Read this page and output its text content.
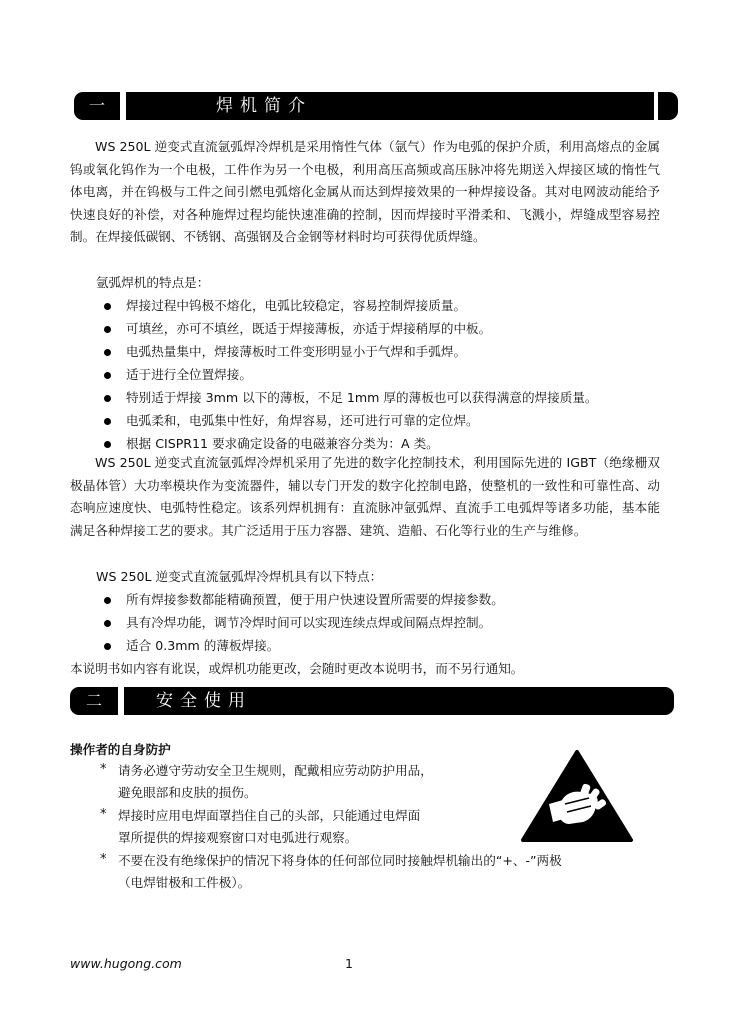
一	焊机简介

WS 250L 逆变式直流氩弧焊冷焊机是采用惰性气体（氩气）作为电弧的保护介质，利用高熔点的金属钨或氧化钨作为一个电极，工件作为另一个电极，利用高压高频或高压脉冲将先期送入焊接区域的惰性气体电离，并在钨极与工件之间引燃电弧熔化金属从而达到焊接效果的一种焊接设备。其对电网波动能给予快速良好的补偿，对各种施焊过程均能快速准确的控制，因而焊接时平滑柔和、飞溅小，焊缝成型容易控制。在焊接低碳钢、不锈钢、高强钢及合金钢等材料时均可获得优质焊缝。

氩弧焊机的特点是：
焊接过程中钨极不熔化，电弧比较稳定，容易控制焊接质量。
可填丝，亦可不填丝，既适于焊接薄板，亦适于焊接稍厚的中板。
电弧热量集中，焊接薄板时工件变形明显小于气焊和手弧焊。
适于进行全位置焊接。
特别适于焊接 3mm 以下的薄板，不足 1mm 厚的薄板也可以获得满意的焊接质量。
电弧柔和，电弧集中性好，角焊容易，还可进行可靠的定位焊。
根据 CISPR11 要求确定设备的电磁兼容分类为：A 类。

WS 250L 逆变式直流氩弧焊冷焊机采用了先进的数字化控制技术，利用国际先进的 IGBT（绝缘栅双极晶体管）大功率模块作为变流器件，辅以专门开发的数字化控制电路，使整机的一致性和可靠性高、动态响应速度快、电弧特性稳定。该系列焊机拥有：直流脉冲氩弧焊、直流手工电弧焊等诸多功能，基本能满足各种焊接工艺的要求。其广泛适用于压力容器、建筑、造船、石化等行业的生产与维修。

WS 250L 逆变式直流氩弧焊冷焊机具有以下特点：
所有焊接参数都能精确预置，便于用户快速设置所需要的焊接参数。
具有冷焊功能，调节冷焊时间可以实现连续点焊或间隔点焊控制。
适合 0.3mm 的薄板焊接。
本说明书如内容有讹误，或焊机功能更改，会随时更改本说明书，而不另行通知。
二	安全使用
操作者的自身防护
* 请务必遵守劳动安全卫生规则，配戴相应劳动防护用品，
避免眼部和皮肤的损伤。
* 焊接时应用电焊面罩挡住自己的头部，只能通过电焊面
罩所提供的焊接观察窗口对电弧进行观察。
* 不要在没有绝缘保护的情况下将身体的任何部位同时接触焊机输出的“+、-”两极
（电焊钳极和工件极）。
www.hugong.com	1
